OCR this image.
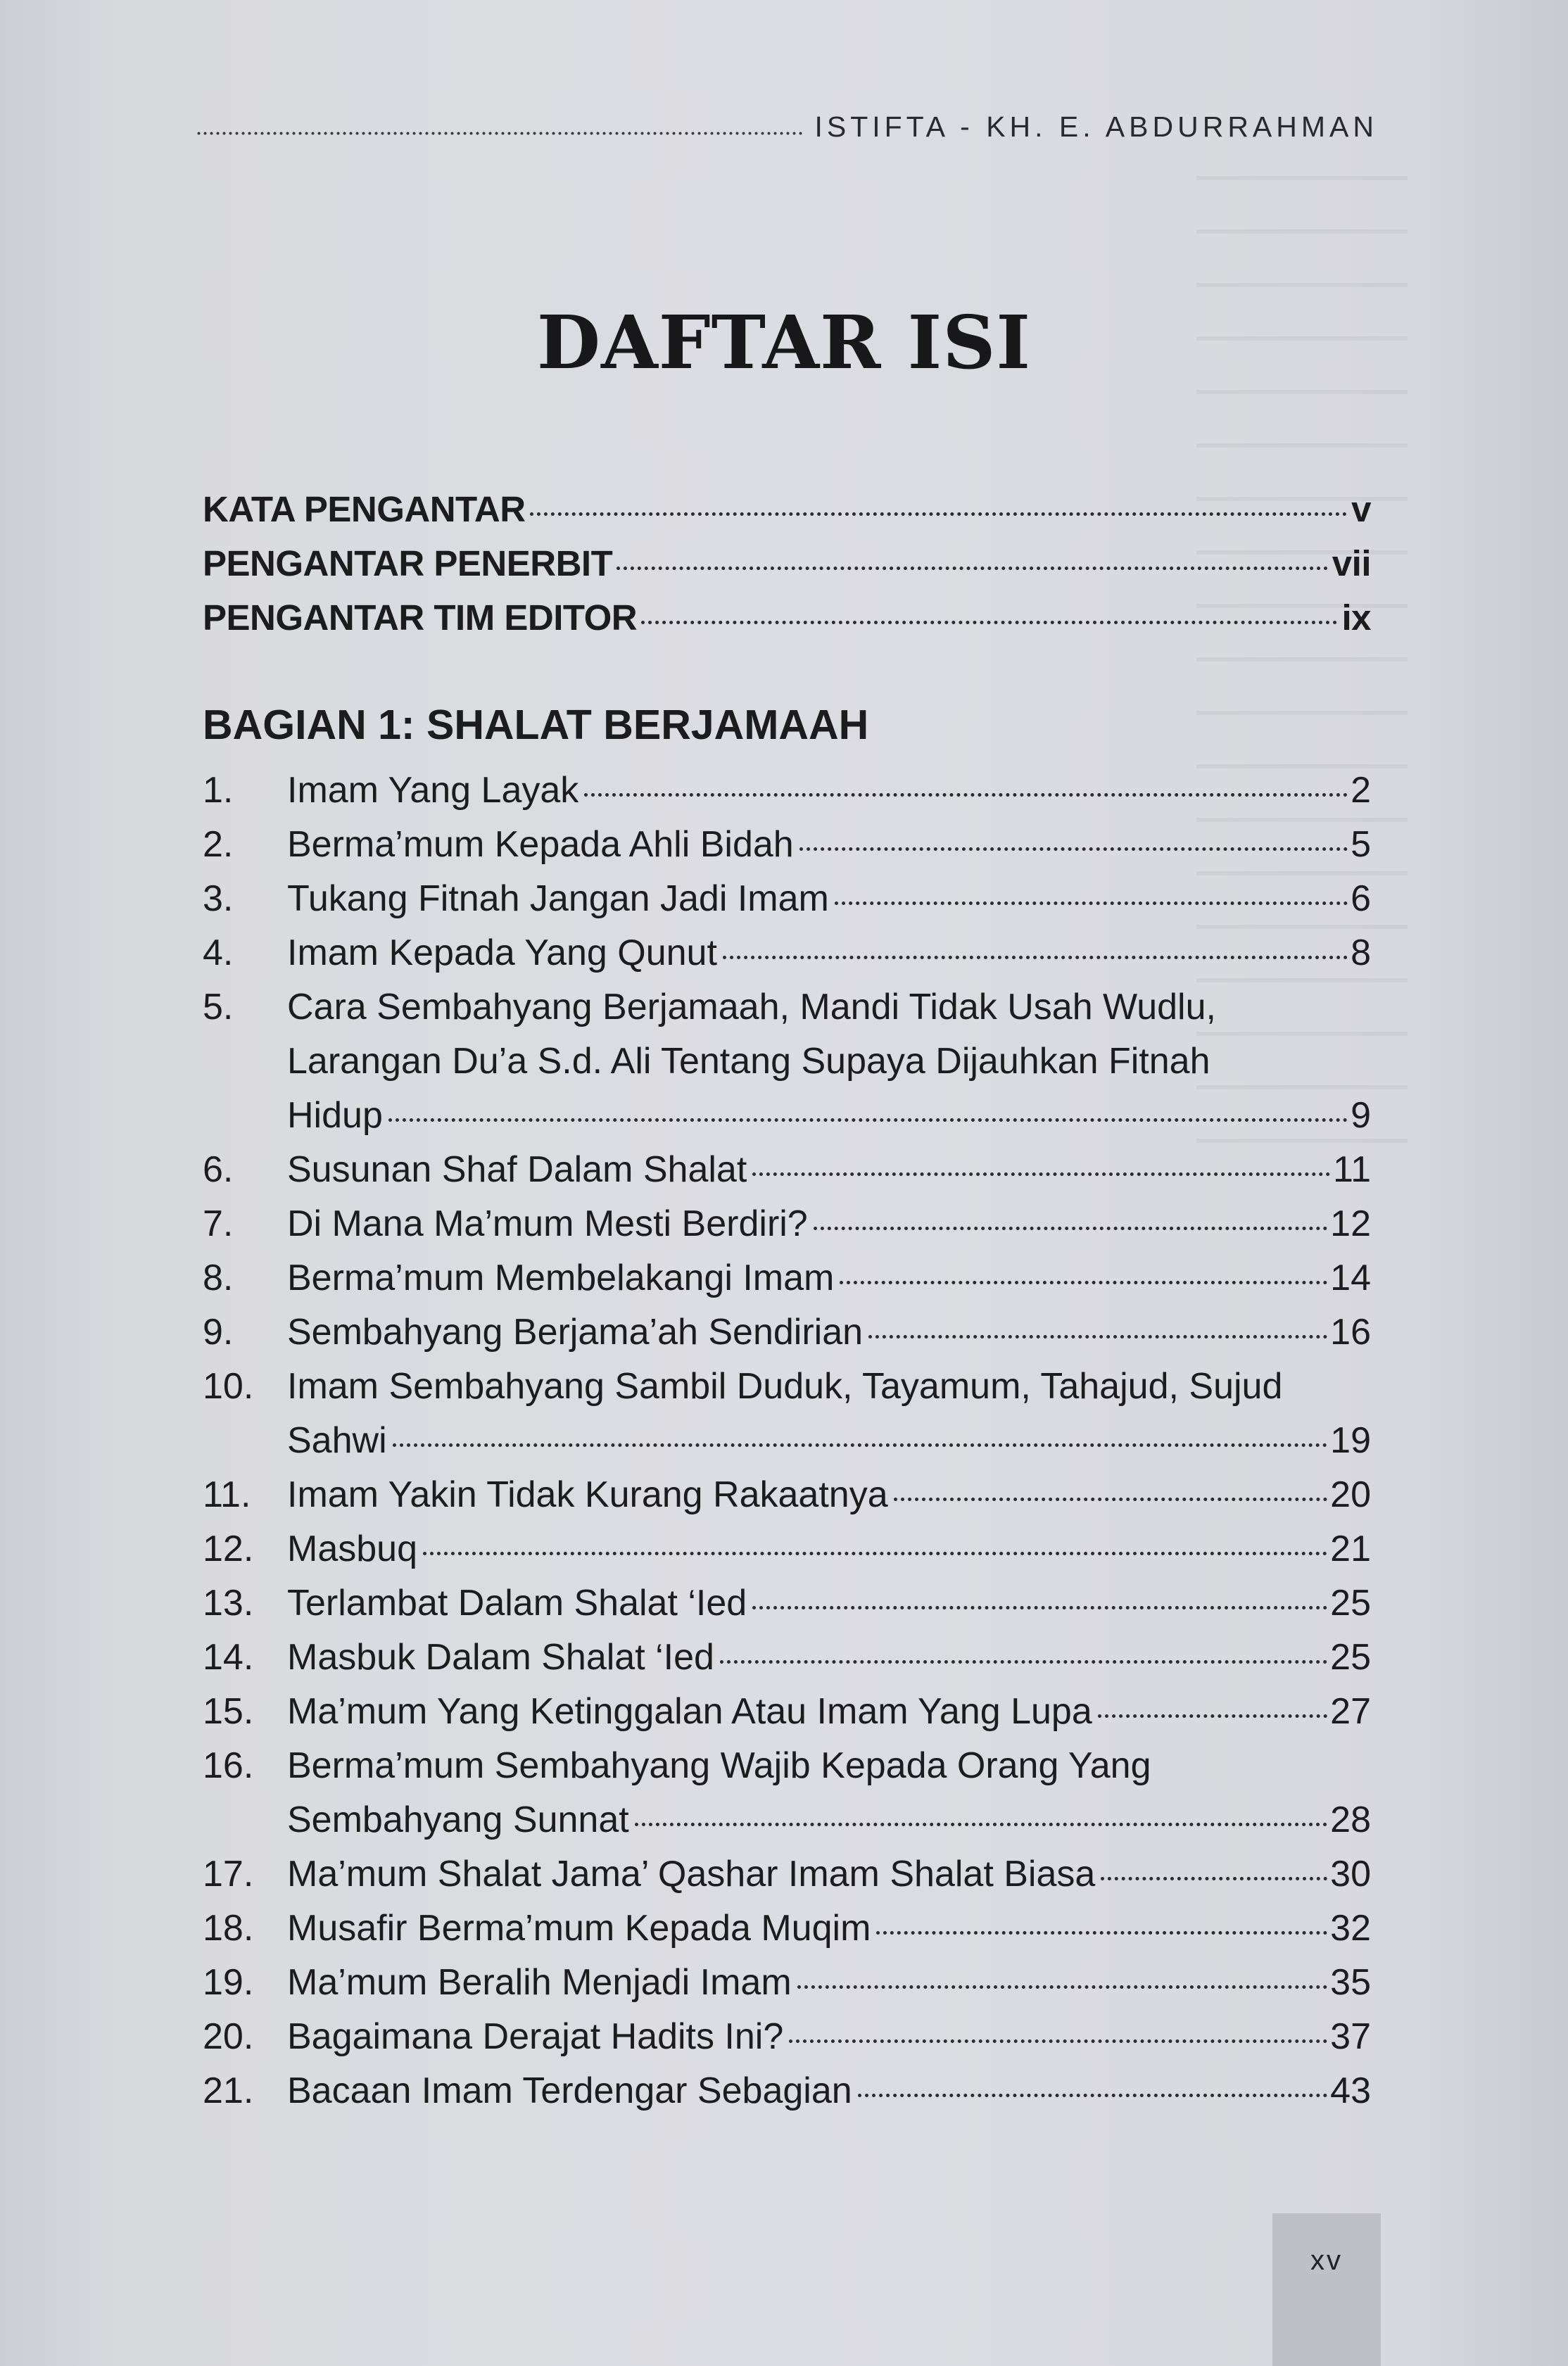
ISTIFTA - KH. E. ABDURRAHMAN
DAFTAR ISI
KATA PENGANTAR	v
PENGANTAR PENERBIT	vii
PENGANTAR TIM EDITOR	ix
BAGIAN 1: SHALAT BERJAMAAH
1.	Imam Yang Layak	2
2.	Berma’mum Kepada Ahli Bidah	5
3.	Tukang Fitnah Jangan Jadi Imam	6
4.	Imam Kepada Yang Qunut	8
5.	Cara Sembahyang Berjamaah, Mandi Tidak Usah Wudlu,
Larangan Du’a S.d. Ali Tentang Supaya Dijauhkan Fitnah
Hidup	9
6.	Susunan Shaf Dalam Shalat	11
7.	Di Mana Ma’mum Mesti Berdiri?	12
8.	Berma’mum Membelakangi Imam	14
9.	Sembahyang Berjama’ah Sendirian	16
10. Imam Sembahyang Sambil Duduk, Tayamum, Tahajud, Sujud
Sahwi	19
11. Imam Yakin Tidak Kurang Rakaatnya	20
12. Masbuq	21
13. Terlambat Dalam Shalat ‘Ied	25
14. Masbuk Dalam Shalat ‘Ied	25
15. Ma’mum Yang Ketinggalan Atau Imam Yang Lupa	27
16. Berma’mum Sembahyang Wajib Kepada Orang Yang
Sembahyang Sunnat	28
17. Ma’mum Shalat Jama’ Qashar Imam Shalat Biasa	30
18. Musafir Berma’mum Kepada Muqim	32
19. Ma’mum Beralih Menjadi Imam	35
20. Bagaimana Derajat Hadits Ini?	37
21. Bacaan Imam Terdengar Sebagian	43
xv
